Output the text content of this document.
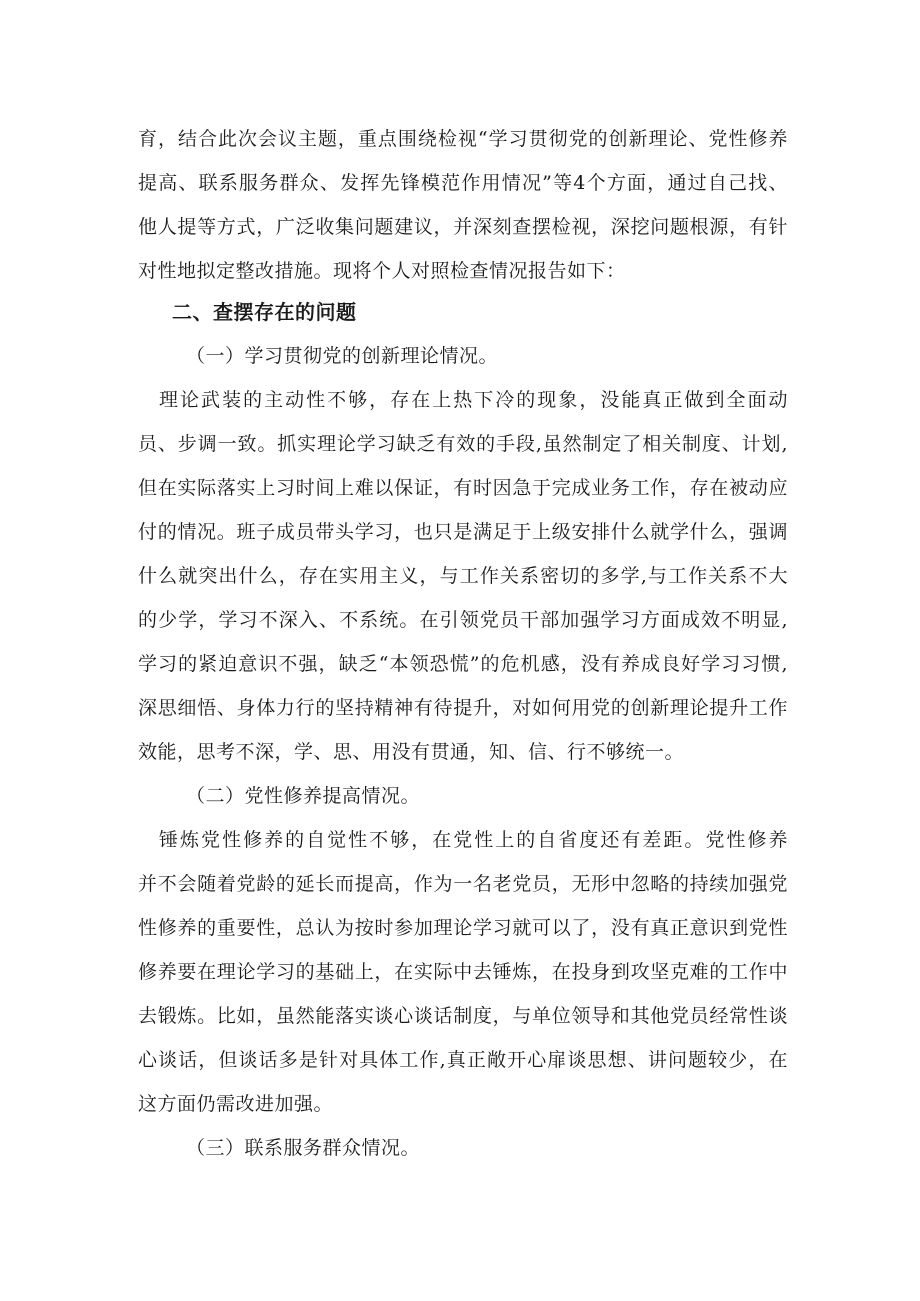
育，结合此次会议主题，重点围绕检视“学习贯彻党的创新理论、党性修养
提高、联系服务群众、发挥先锋模范作用情况”等4个方面，通过自己找、
他人提等方式，广泛收集问题建议，并深刻查摆检视，深挖问题根源，有针
对性地拟定整改措施。现将个人对照检查情况报告如下：
二、查摆存在的问题
（一）学习贯彻党的创新理论情况。
　理论武装的主动性不够，存在上热下冷的现象，没能真正做到全面动
员、步调一致。抓实理论学习缺乏有效的手段,虽然制定了相关制度、计划,
但在实际落实上习时间上难以保证，有时因急于完成业务工作，存在被动应
付的情况。班子成员带头学习，也只是满足于上级安排什么就学什么，强调
什么就突出什么，存在实用主义，与工作关系密切的多学,与工作关系不大
的少学，学习不深入、不系统。在引领党员干部加强学习方面成效不明显,
学习的紧迫意识不强，缺乏“本领恐慌”的危机感，没有养成良好学习习惯,
深思细悟、身体力行的坚持精神有待提升，对如何用党的创新理论提升工作
效能，思考不深，学、思、用没有贯通，知、信、行不够统一。
（二）党性修养提高情况。
　锤炼党性修养的自觉性不够，在党性上的自省度还有差距。党性修养
并不会随着党龄的延长而提高，作为一名老党员，无形中忽略的持续加强党
性修养的重要性，总认为按时参加理论学习就可以了，没有真正意识到党性
修养要在理论学习的基础上，在实际中去锤炼，在投身到攻坚克难的工作中
去锻炼。比如，虽然能落实谈心谈话制度，与单位领导和其他党员经常性谈
心谈话，但谈话多是针对具体工作,真正敞开心扉谈思想、讲问题较少，在
这方面仍需改进加强。
（三）联系服务群众情况。
